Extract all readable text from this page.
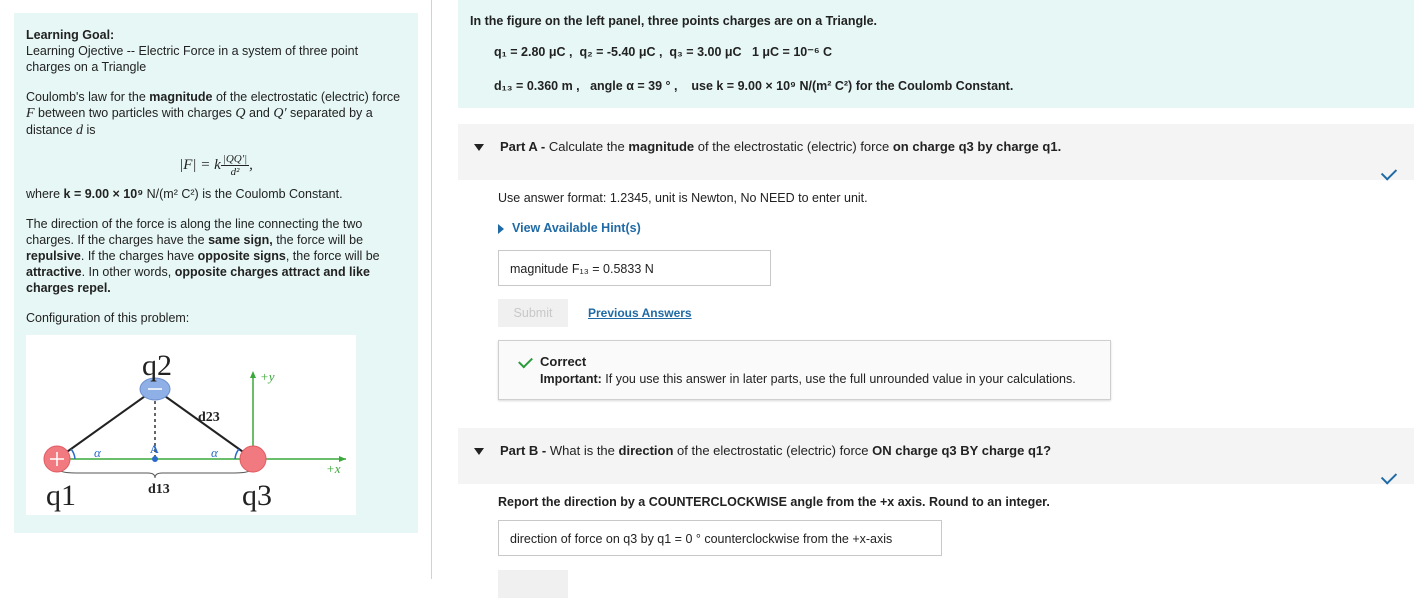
Learning Goal:
Learning Ojective -- Electric Force in a system of three point charges on a Triangle
Coulomb's law for the magnitude of the electrostatic (electric) force F between two particles with charges Q and Q′ separated by a distance d is
|F| = k $\frac{|QQ'|}{\text{d²}}$ ,
where k = 9.00 × 10⁹ N/(m² C²) is the Coulomb Constant.
The direction of the force is along the line connecting the two charges. If the charges have the same sign, the force will be repulsive. If the charges have opposite signs, the force will be attractive. In other words, opposite charges attract and like charges repel.
Configuration of this problem:
q2
q1	q3
d23
d13
α	α
A
+y
+x
In the figure on the left panel, three points charges are on a Triangle.
q₁ = 2.80 μC , q₂ = -5.40 μC , q₃ = 3.00 μC 1 μC = 10⁻⁶ C
d₁₃ = 0.360 m , angle α = 39 ° , use k = 9.00 × 10⁹ N/(m² C²) for the Coulomb Constant.
Part A - Calculate the magnitude of the electrostatic (electric) force on charge q3 by charge q1.
Use answer format: 1.2345, unit is Newton, No NEED to enter unit.
View Available Hint(s)
magnitude F₁₃ = 0.5833 N
Submit	Previous Answers
Correct
Important: If you use this answer in later parts, use the full unrounded value in your calculations.
Part B - What is the direction of the electrostatic (electric) force ON charge q3 BY charge q1?
Report the direction by a COUNTERCLOCKWISE angle from the +x axis. Round to an integer.
direction of force on q3 by q1 = 0 ° counterclockwise from the +x-axis
